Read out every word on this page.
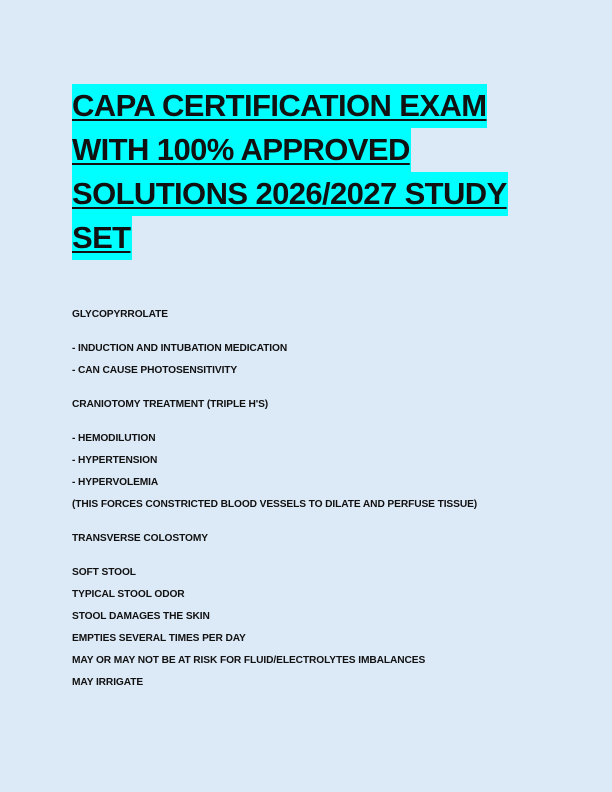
CAPA CERTIFICATION EXAM
WITH 100% APPROVED
SOLUTIONS 2026/2027 STUDY
SET
GLYCOPYRROLATE
- INDUCTION AND INTUBATION MEDICATION
- CAN CAUSE PHOTOSENSITIVITY
CRANIOTOMY TREATMENT (TRIPLE H'S)
- HEMODILUTION
- HYPERTENSION
- HYPERVOLEMIA
(THIS FORCES CONSTRICTED BLOOD VESSELS TO DILATE AND PERFUSE TISSUE)
TRANSVERSE COLOSTOMY
SOFT STOOL
TYPICAL STOOL ODOR
STOOL DAMAGES THE SKIN
EMPTIES SEVERAL TIMES PER DAY
MAY OR MAY NOT BE AT RISK FOR FLUID/ELECTROLYTES IMBALANCES
MAY IRRIGATE
